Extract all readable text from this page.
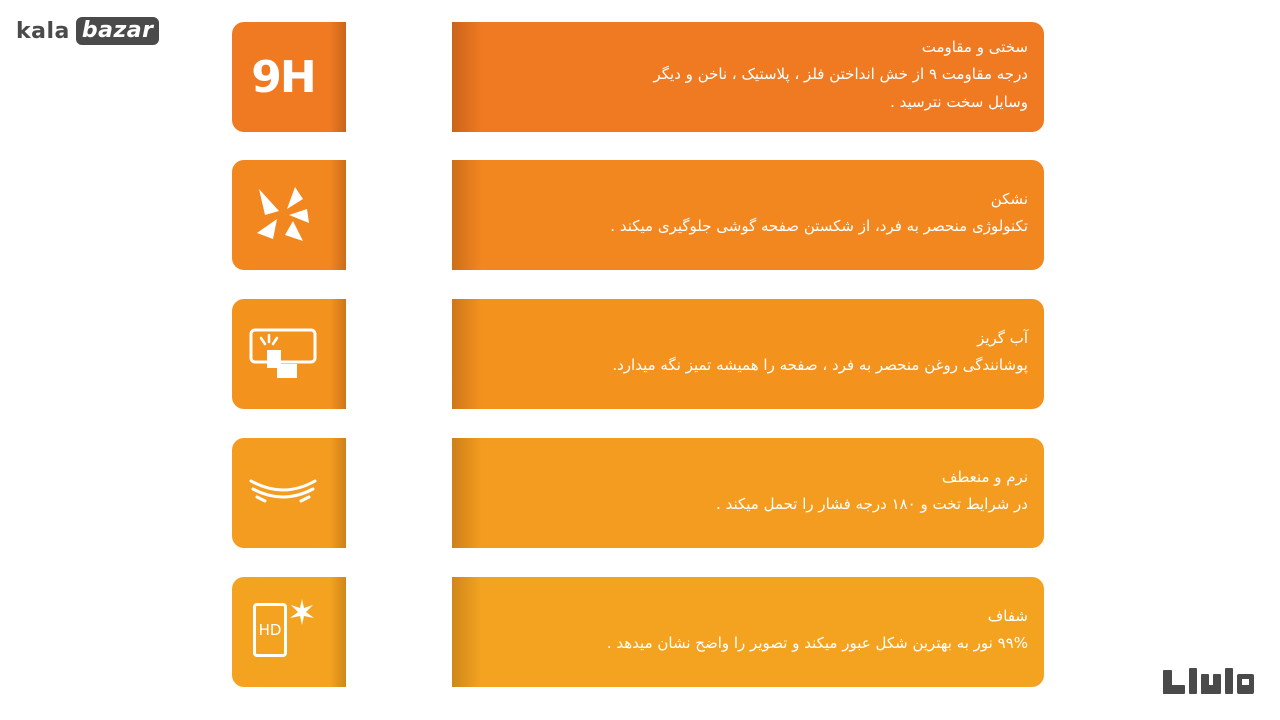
kala bazar
9H
سختی و مقاومت
درجه مقاومت ۹ از خش انداختن فلز ، پلاستیک ، ناخن و دیگر
وسایل سخت نترسید .
نشکن
تکنولوژی منحصر به فرد، از شکستن صفحه گوشی جلوگیری میکند .
آب گریز
پوشانندگی روغن منحصر به فرد ، صفحه را همیشه تمیز نگه میدارد.
نرم و منعطف
در شرایط تخت و ۱۸۰ درجه فشار را تحمل میکند .
HD
شفاف
۹۹% نور به بهترین شکل عبور میکند و تصویر را واضح نشان میدهد .
